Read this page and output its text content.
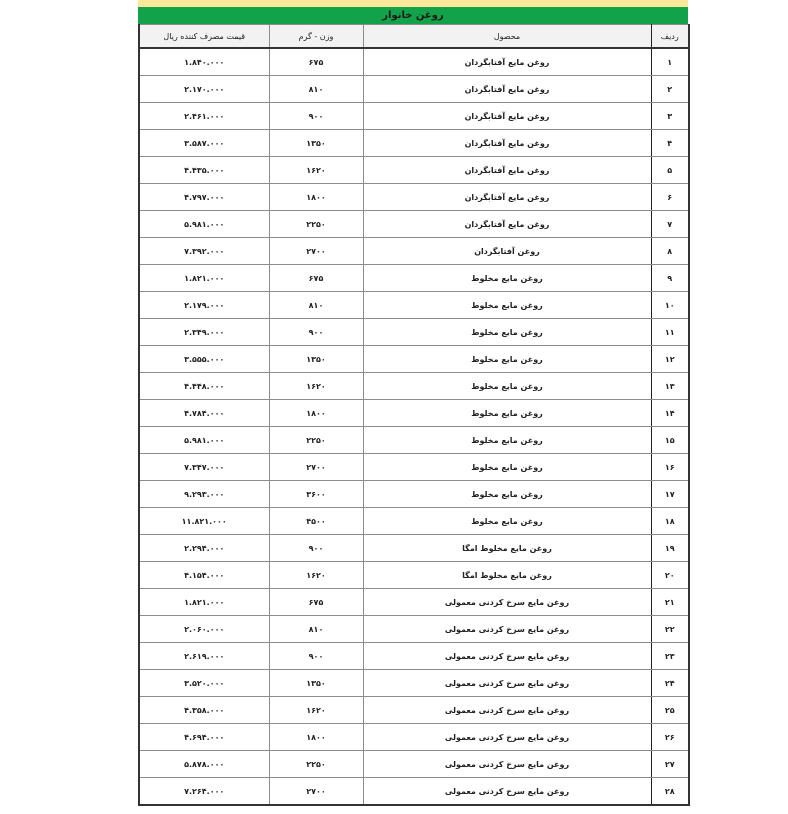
روغن خانوار
ردیف	محصول	وزن - گرم	قیمت مصرف کننده ریال
۱	روغن مایع آفتابگردان	۶۷۵	۱.۸۴۰.۰۰۰
۲	روغن مایع آفتابگردان	۸۱۰	۲.۱۷۰.۰۰۰
۳	روغن مایع آفتابگردان	۹۰۰	۲.۴۶۱.۰۰۰
۴	روغن مایع آفتابگردان	۱۳۵۰	۳.۵۸۷.۰۰۰
۵	روغن مایع آفتابگردان	۱۶۲۰	۴.۴۳۵.۰۰۰
۶	روغن مایع آفتابگردان	۱۸۰۰	۴.۷۹۷.۰۰۰
۷	روغن مایع آفتابگردان	۲۲۵۰	۵.۹۸۱.۰۰۰
۸	روغن آفتابگردان	۲۷۰۰	۷.۳۹۲.۰۰۰
۹	روغن مایع مخلوط	۶۷۵	۱.۸۲۱.۰۰۰
۱۰	روغن مایع مخلوط	۸۱۰	۲.۱۷۹.۰۰۰
۱۱	روغن مایع مخلوط	۹۰۰	۲.۳۴۹.۰۰۰
۱۲	روغن مایع مخلوط	۱۳۵۰	۳.۵۵۵.۰۰۰
۱۳	روغن مایع مخلوط	۱۶۲۰	۴.۴۴۸.۰۰۰
۱۴	روغن مایع مخلوط	۱۸۰۰	۴.۷۸۴.۰۰۰
۱۵	روغن مایع مخلوط	۲۲۵۰	۵.۹۸۱.۰۰۰
۱۶	روغن مایع مخلوط	۲۷۰۰	۷.۳۴۷.۰۰۰
۱۷	روغن مایع مخلوط	۳۶۰۰	۹.۲۹۳.۰۰۰
۱۸	روغن مایع مخلوط	۴۵۰۰	۱۱.۸۲۱.۰۰۰
۱۹	روغن مایع مخلوط امگا	۹۰۰	۲.۲۹۴.۰۰۰
۲۰	روغن مایع مخلوط امگا	۱۶۲۰	۴.۱۵۴.۰۰۰
۲۱	روغن مایع سرخ کردنی معمولی	۶۷۵	۱.۸۲۱.۰۰۰
۲۲	روغن مایع سرخ کردنی معمولی	۸۱۰	۲.۰۶۰.۰۰۰
۲۳	روغن مایع سرخ کردنی معمولی	۹۰۰	۲.۶۱۹.۰۰۰
۲۴	روغن مایع سرخ کردنی معمولی	۱۳۵۰	۳.۵۲۰.۰۰۰
۲۵	روغن مایع سرخ کردنی معمولی	۱۶۲۰	۴.۳۵۸.۰۰۰
۲۶	روغن مایع سرخ کردنی معمولی	۱۸۰۰	۴.۶۹۴.۰۰۰
۲۷	روغن مایع سرخ کردنی معمولی	۲۲۵۰	۵.۸۷۸.۰۰۰
۲۸	روغن مایع سرخ کردنی معمولی	۲۷۰۰	۷.۲۶۴.۰۰۰
